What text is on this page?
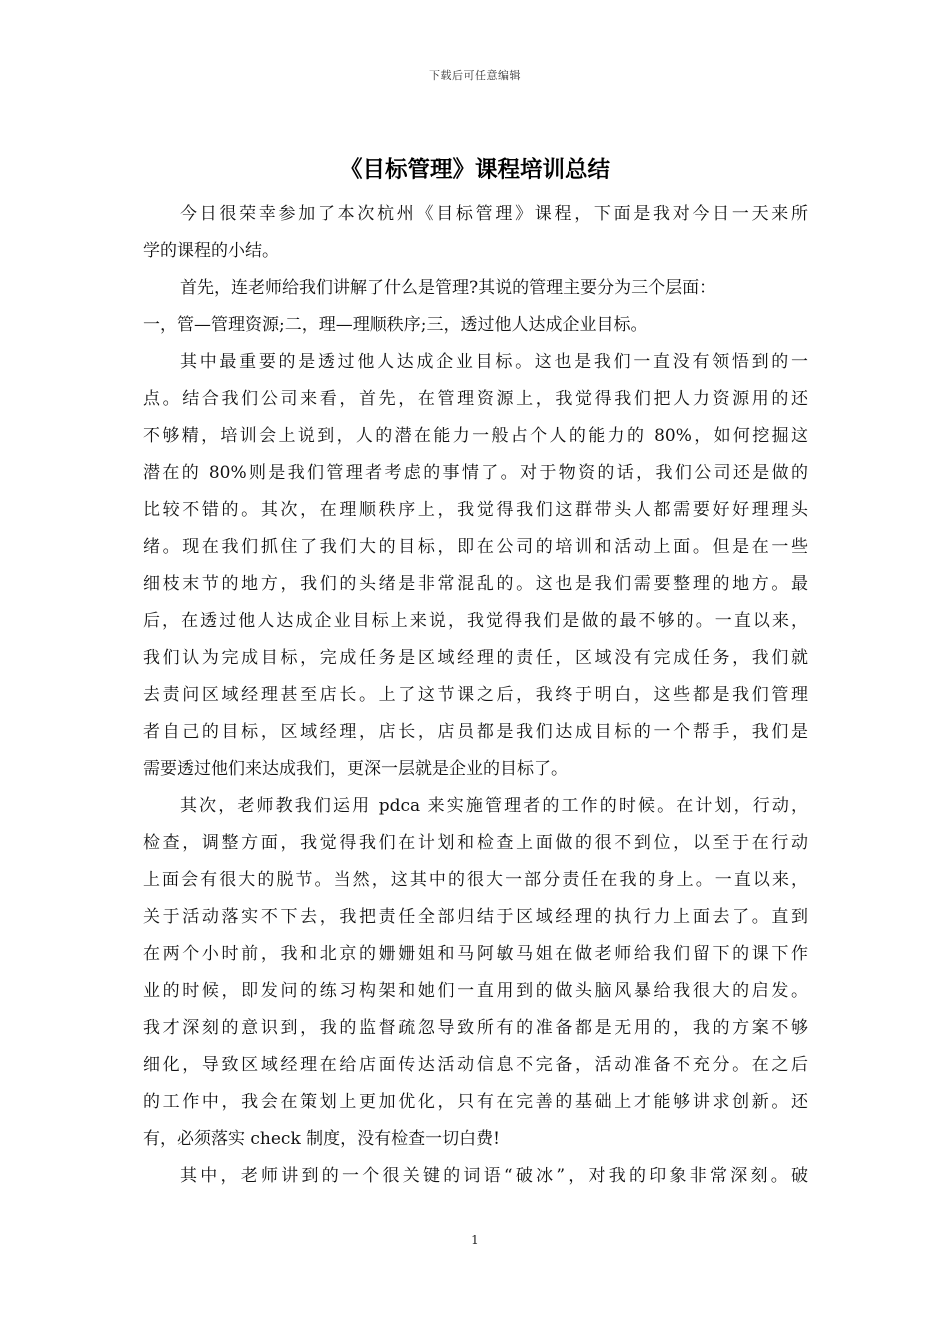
下载后可任意编辑
《目标管理》课程培训总结
今日很荣幸参加了本次杭州《目标管理》课程，下面是我对今日一天来所
学的课程的小结。
首先，连老师给我们讲解了什么是管理?其说的管理主要分为三个层面：
一，管—管理资源;二，理—理顺秩序;三，透过他人达成企业目标。
其中最重要的是透过他人达成企业目标。这也是我们一直没有领悟到的一
点。结合我们公司来看，首先，在管理资源上，我觉得我们把人力资源用的还
不够精，培训会上说到，人的潜在能力一般占个人的能力的 80%，如何挖掘这
潜在的 80%则是我们管理者考虑的事情了。对于物资的话，我们公司还是做的
比较不错的。其次，在理顺秩序上，我觉得我们这群带头人都需要好好理理头
绪。现在我们抓住了我们大的目标，即在公司的培训和活动上面。但是在一些
细枝末节的地方，我们的头绪是非常混乱的。这也是我们需要整理的地方。最
后，在透过他人达成企业目标上来说，我觉得我们是做的最不够的。一直以来，
我们认为完成目标，完成任务是区域经理的责任，区域没有完成任务，我们就
去责问区域经理甚至店长。上了这节课之后，我终于明白，这些都是我们管理
者自己的目标，区域经理，店长，店员都是我们达成目标的一个帮手，我们是
需要透过他们来达成我们，更深一层就是企业的目标了。
其次，老师教我们运用 pdca 来实施管理者的工作的时候。在计划，行动，
检查，调整方面，我觉得我们在计划和检查上面做的很不到位，以至于在行动
上面会有很大的脱节。当然，这其中的很大一部分责任在我的身上。一直以来，
关于活动落实不下去，我把责任全部归结于区域经理的执行力上面去了。直到
在两个小时前，我和北京的姗姗姐和马阿敏马姐在做老师给我们留下的课下作
业的时候，即发问的练习构架和她们一直用到的做头脑风暴给我很大的启发。
我才深刻的意识到，我的监督疏忽导致所有的准备都是无用的，我的方案不够
细化，导致区域经理在给店面传达活动信息不完备，活动准备不充分。在之后
的工作中，我会在策划上更加优化，只有在完善的基础上才能够讲求创新。还
有，必须落实 check 制度，没有检查一切白费!
其中，老师讲到的一个很关键的词语“破冰”，对我的印象非常深刻。破
1
